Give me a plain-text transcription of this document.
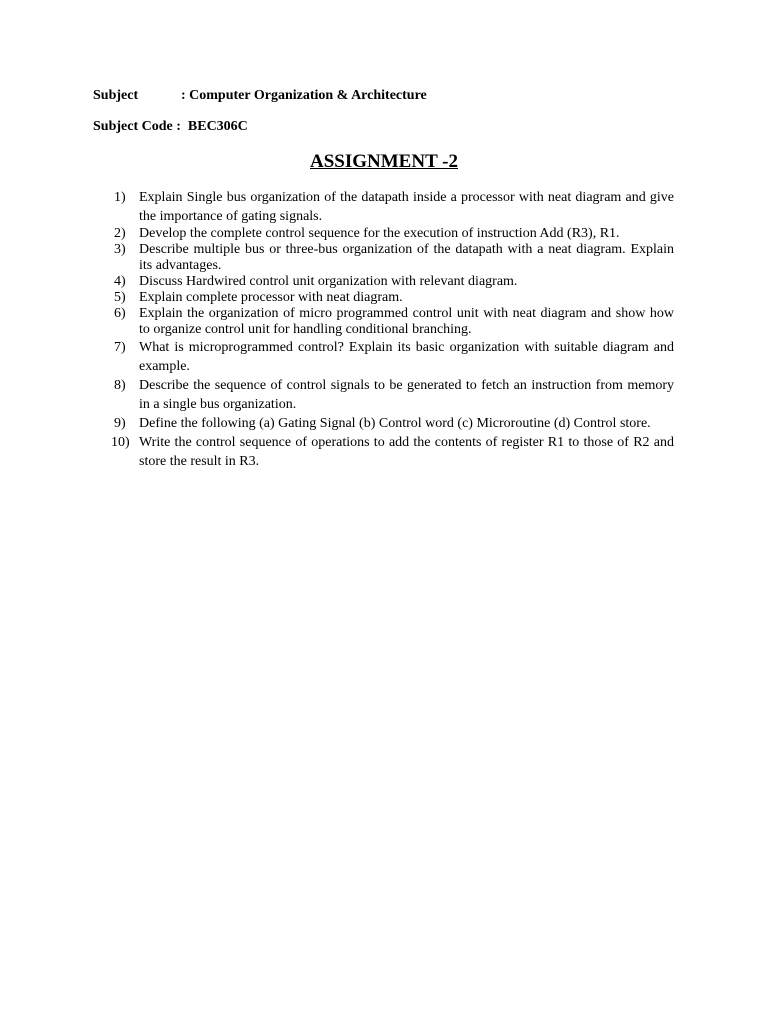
Subject	: Computer Organization & Architecture
Subject Code : BEC306C
ASSIGNMENT -2
1) Explain Single bus organization of the datapath inside a processor with neat diagram and give the importance of gating signals.
2) Develop the complete control sequence for the execution of instruction Add (R3), R1.
3) Describe multiple bus or three-bus organization of the datapath with a neat diagram. Explain its advantages.
4) Discuss Hardwired control unit organization with relevant diagram.
5) Explain complete processor with neat diagram.
6) Explain the organization of micro programmed control unit with neat diagram and show how to organize control unit for handling conditional branching.
7) What is microprogrammed control? Explain its basic organization with suitable diagram and example.
8) Describe the sequence of control signals to be generated to fetch an instruction from memory in a single bus organization.
9) Define the following (a) Gating Signal (b) Control word (c) Microroutine (d) Control store.
10) Write the control sequence of operations to add the contents of register R1 to those of R2 and store the result in R3.
